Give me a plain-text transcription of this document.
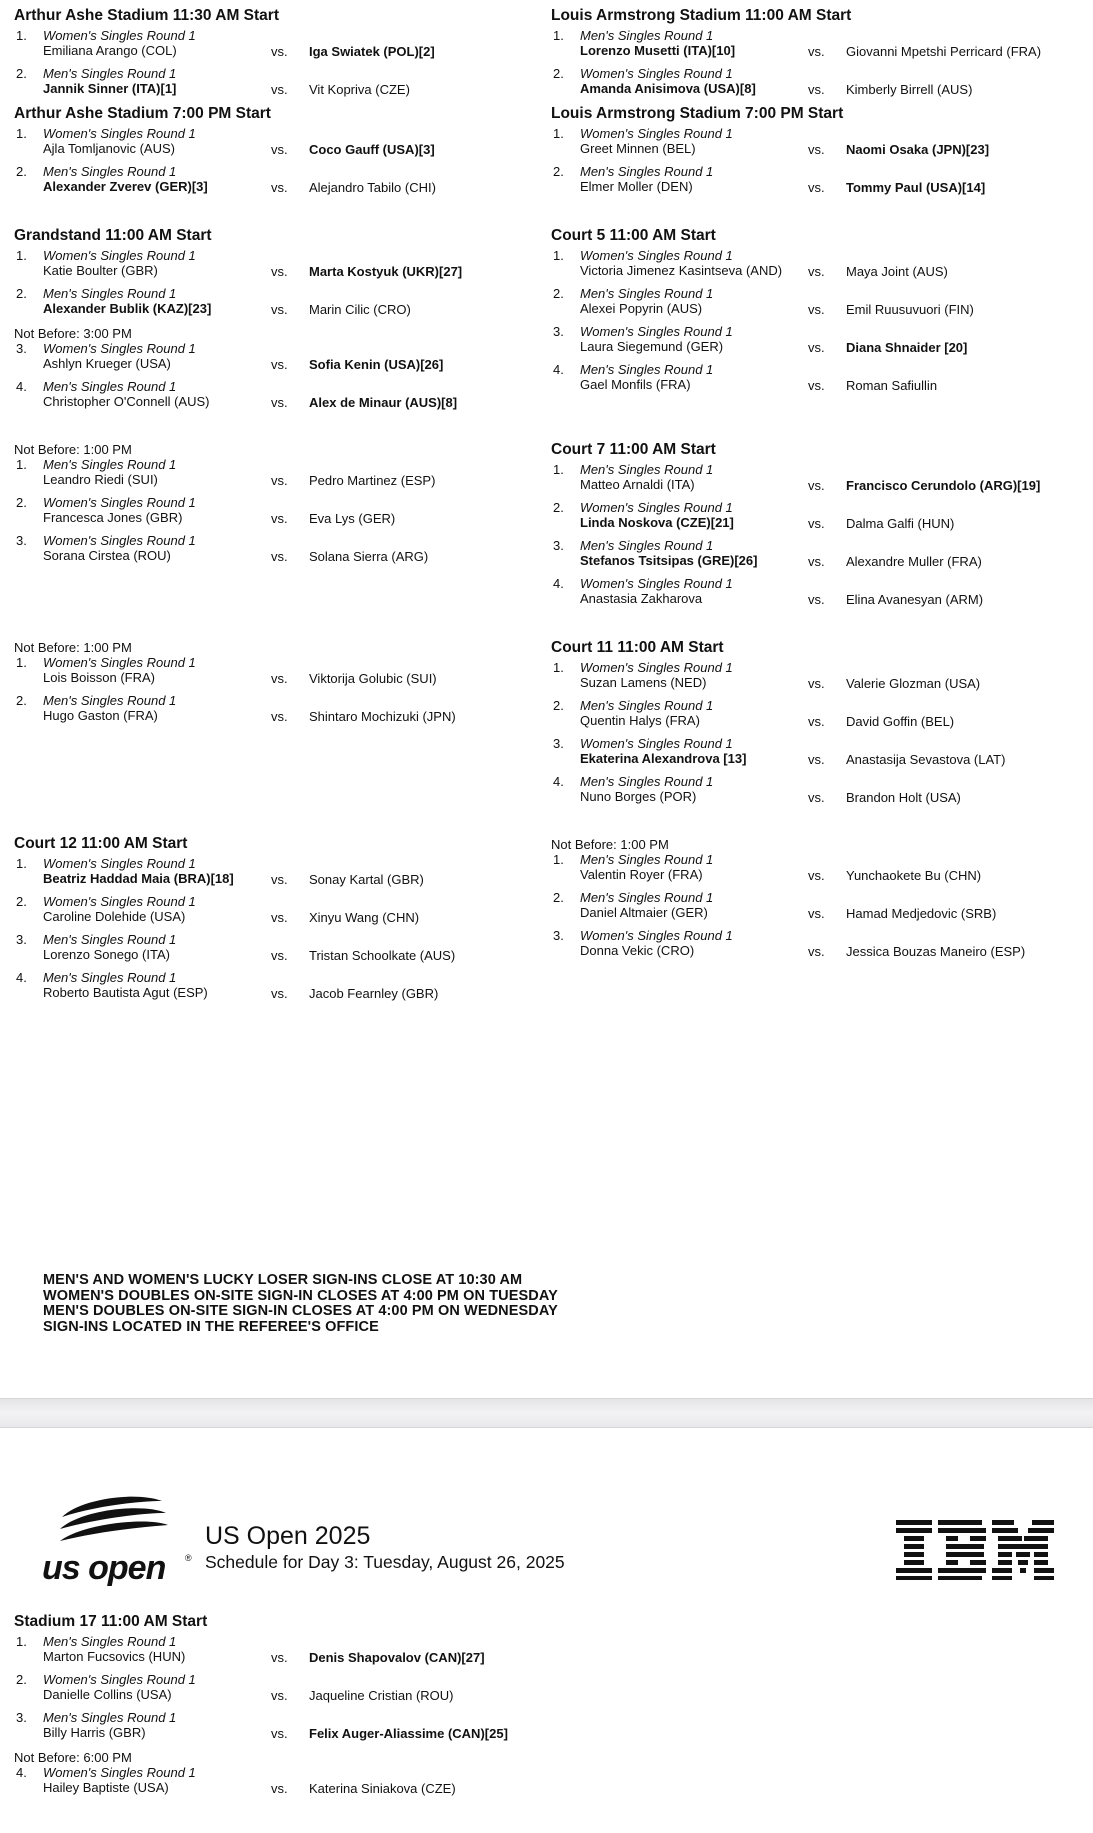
Arthur Ashe Stadium 11:30 AM Start
1. Women's Singles Round 1
Emiliana Arango (COL)	vs. Iga Swiatek (POL)[2]
2. Men's Singles Round 1
Jannik Sinner (ITA)[1]	vs. Vit Kopriva (CZE)
Arthur Ashe Stadium 7:00 PM Start
1. Women's Singles Round 1
Ajla Tomljanovic (AUS)	vs. Coco Gauff (USA)[3]
2. Men's Singles Round 1
Alexander Zverev (GER)[3]	vs. Alejandro Tabilo (CHI)
Grandstand 11:00 AM Start
1. Women's Singles Round 1
Katie Boulter (GBR)	vs. Marta Kostyuk (UKR)[27]
2. Men's Singles Round 1
Alexander Bublik (KAZ)[23]	vs. Marin Cilic (CRO)
Not Before: 3:00 PM
3. Women's Singles Round 1
Ashlyn Krueger (USA)	vs. Sofia Kenin (USA)[26]
4. Men's Singles Round 1
Christopher O'Connell (AUS)	vs. Alex de Minaur (AUS)[8]
Not Before: 1:00 PM
1. Men's Singles Round 1
Leandro Riedi (SUI)	vs. Pedro Martinez (ESP)
2. Women's Singles Round 1
Francesca Jones (GBR)	vs. Eva Lys (GER)
3. Women's Singles Round 1
Sorana Cirstea (ROU)	vs. Solana Sierra (ARG)
Not Before: 1:00 PM
1. Women's Singles Round 1
Lois Boisson (FRA)	vs. Viktorija Golubic (SUI)
2. Men's Singles Round 1
Hugo Gaston (FRA)	vs. Shintaro Mochizuki (JPN)
Court 12 11:00 AM Start
1. Women's Singles Round 1
Beatriz Haddad Maia (BRA)[18]	vs. Sonay Kartal (GBR)
2. Women's Singles Round 1
Caroline Dolehide (USA)	vs. Xinyu Wang (CHN)
3. Men's Singles Round 1
Lorenzo Sonego (ITA)	vs. Tristan Schoolkate (AUS)
4. Men's Singles Round 1
Roberto Bautista Agut (ESP)	vs. Jacob Fearnley (GBR)
Louis Armstrong Stadium 11:00 AM Start
1. Men's Singles Round 1
Lorenzo Musetti (ITA)[10]	vs. Giovanni Mpetshi Perricard (FRA)
2. Women's Singles Round 1
Amanda Anisimova (USA)[8]	vs. Kimberly Birrell (AUS)
Louis Armstrong Stadium 7:00 PM Start
1. Women's Singles Round 1
Greet Minnen (BEL)	vs. Naomi Osaka (JPN)[23]
2. Men's Singles Round 1
Elmer Moller (DEN)	vs. Tommy Paul (USA)[14]
Court 5 11:00 AM Start
1. Women's Singles Round 1
Victoria Jimenez Kasintseva (AND) vs. Maya Joint (AUS)
2. Men's Singles Round 1
Alexei Popyrin (AUS)	vs. Emil Ruusuvuori (FIN)
3. Women's Singles Round 1
Laura Siegemund (GER)	vs. Diana Shnaider [20]
4. Men's Singles Round 1
Gael Monfils (FRA)	vs. Roman Safiullin
Court 7 11:00 AM Start
1. Men's Singles Round 1
Matteo Arnaldi (ITA)	vs. Francisco Cerundolo (ARG)[19]
2. Women's Singles Round 1
Linda Noskova (CZE)[21]	vs. Dalma Galfi (HUN)
3. Men's Singles Round 1
Stefanos Tsitsipas (GRE)[26]	vs. Alexandre Muller (FRA)
4. Women's Singles Round 1
Anastasia Zakharova	vs. Elina Avanesyan (ARM)
Court 11 11:00 AM Start
1. Women's Singles Round 1
Suzan Lamens (NED)	vs. Valerie Glozman (USA)
2. Men's Singles Round 1
Quentin Halys (FRA)	vs. David Goffin (BEL)
3. Women's Singles Round 1
Ekaterina Alexandrova [13]	vs. Anastasija Sevastova (LAT)
4. Men's Singles Round 1
Nuno Borges (POR)	vs. Brandon Holt (USA)
Not Before: 1:00 PM
1. Men's Singles Round 1
Valentin Royer (FRA)	vs. Yunchaokete Bu (CHN)
2. Men's Singles Round 1
Daniel Altmaier (GER)	vs. Hamad Medjedovic (SRB)
3. Women's Singles Round 1
Donna Vekic (CRO)	vs. Jessica Bouzas Maneiro (ESP)
MEN'S AND WOMEN'S LUCKY LOSER SIGN-INS CLOSE AT 10:30 AM
WOMEN'S DOUBLES ON-SITE SIGN-IN CLOSES AT 4:00 PM ON TUESDAY
MEN'S DOUBLES ON-SITE SIGN-IN CLOSES AT 4:00 PM ON WEDNESDAY
SIGN-INS LOCATED IN THE REFEREE'S OFFICE
us open ®
US Open 2025
Schedule for Day 3: Tuesday, August 26, 2025
Stadium 17 11:00 AM Start
1. Men's Singles Round 1
Marton Fucsovics (HUN)	vs. Denis Shapovalov (CAN)[27]
2. Women's Singles Round 1
Danielle Collins (USA)	vs. Jaqueline Cristian (ROU)
3. Men's Singles Round 1
Billy Harris (GBR)	vs. Felix Auger-Aliassime (CAN)[25]
Not Before: 6:00 PM
4. Women's Singles Round 1
Hailey Baptiste (USA)	vs. Katerina Siniakova (CZE)
